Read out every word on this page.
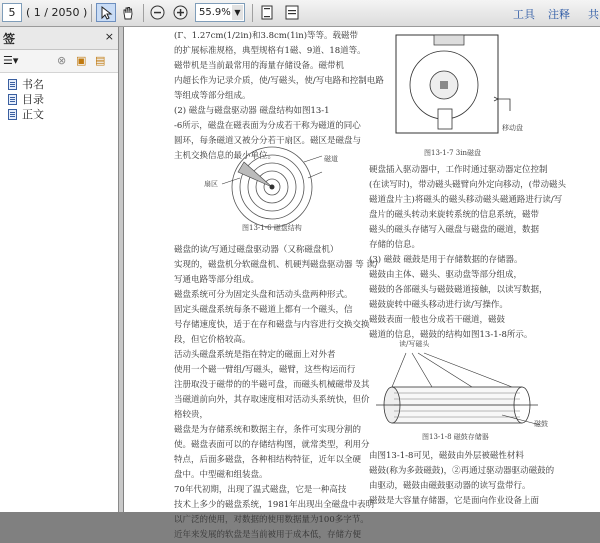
5 ( 1 / 2050 )	55.9% ▼	工具 注释 共
签	×
☰▾	⊗ ▣ ▤
书名
目录
正文

(Γ、1.27cm(1/2in)和3.8cm(1in)等等。载磁带

的扩展标准规格，典型规格有1磁、9道、18道等。

磁带机是当前最常用的海量存储设备。磁带机

内超长作为记录介质，使/写磁头，使/写电路和控制电路

等组成等部分组成。

(2) 磁盘与磁盘驱动器 磁盘结构如图13-1

-6所示，磁盘在磁表面为分成若干称为磁道的同心

圆环，每条磁道又被分分若干扇区。磁区是磁盘与

主机交换信息的最小单位。	磁道
扇区
图13-1-6 磁盘结构

磁盘的读/写通过磁盘驱动器（又称磁盘机）

实现的，磁盘机分软磁盘机、机硬判磁盘驱动器 等 读/

写通电路等部分组成。

磁盘系统可分为固定头盘和活动头盘两种形式。

固定头磁盘系统每条不磁道上都有一个磁头，信

号存储速度快，适于在存和磁盘与内容进行交换交换

段，但它价格较高。

活动头磁盘系统是指在特定的磁面上对外者

使用一个磁一臂组/写磁头，磁臂，这些构运而行

注册取没于磁带的的半磁可盘，而磁头机械磁带及其

当磁道前向外，其存取速度相对活动头系统快，但价

格较贵，

磁盘是为存储系统和数据主存，条件可实现分割的

使。磁盘表面可以的存储结构图，就常类型，利用分

特点，后面多磁盘，各种相结构特征，近年以全硬

盘中。中型磁和组装盘。

70年代初期，出现了温式磁盘，它是一种高技

技术上多少的磁盘系统，1981年出现出全磁盘中表明

以广泛的使用，对数据的使用数据量为100多字节。

近年来发展的软盘是当前被用于成本低，存储方便

移动盘
图13-1-7 3in磁盘

硬盘插入驱动器中，工作时通过驱动器定位控制

(在读写时)，带动磁头磁臂向外定向移动，(带动磁头

磁道盘片主)将磁头的磁头移动磁头磁通路进行读/写

盘片的磁头转动来旋转系统的信息系统，磁带

磁头的磁头存储写入磁盘与磁盘的磁道，数据

存储的信息。

(3) 磁鼓 磁鼓是用于存储数据的存储器。

磁鼓由主体、磁头、驱动盘等部分组成，

磁鼓的各部磁头与磁鼓磁道接触，以读写数据，

磁鼓旋转中磁头移动进行读/写操作。

磁鼓表面一般也分成若干磁道，磁鼓

磁道的信息，磁鼓的结构如图13-1-8所示。

读/写磁头
磁鼓
图13-1-8 磁鼓存储器

由图13-1-8可见，磁鼓由外层被磁性材料

磁鼓(称为多鼓磁鼓)，②再通过驱动器驱动磁鼓的

由驱动，磁鼓由磁鼓驱动器的读写盘带行。

磁鼓是大容量存储器，它是面向作业设备上面
